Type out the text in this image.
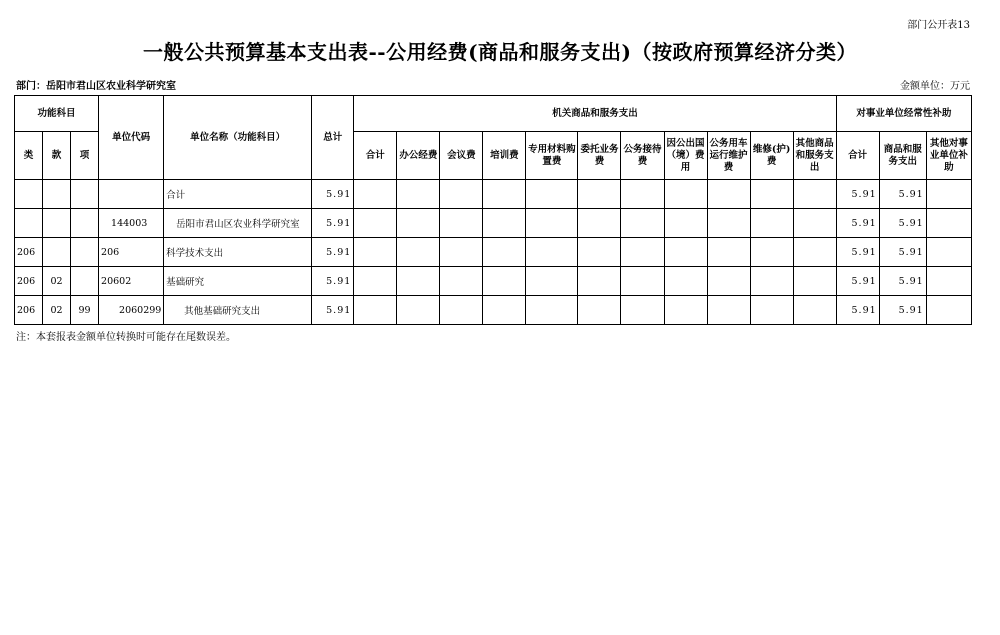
部门公开表13
一般公共预算基本支出表--公用经费(商品和服务支出)（按政府预算经济分类）
部门：岳阳市君山区农业科学研究室	金额单位：万元
功能科目			单位代码	单位名称（功能科目）	总计	机关商品和服务支出											对事业单位经常性补助		
类	款	项				合计	办公经费	会议费	培训费	专用材料购置费	委托业务费	公务接待费	因公出国（境）费用	公务用车运行维护费	维修(护)费	其他商品和服务支出	合计	商品和服务支出	其他对事业单位补助
				合计	5.91												5.91	5.91	
			144003	岳阳市君山区农业科学研究室	5.91												5.91	5.91	
206			206	科学技术支出	5.91												5.91	5.91	
206	02		20602	基础研究	5.91												5.91	5.91	
206	02	99	2060299	其他基础研究支出	5.91												5.91	5.91	
注：本套报表金额单位转换时可能存在尾数误差。
